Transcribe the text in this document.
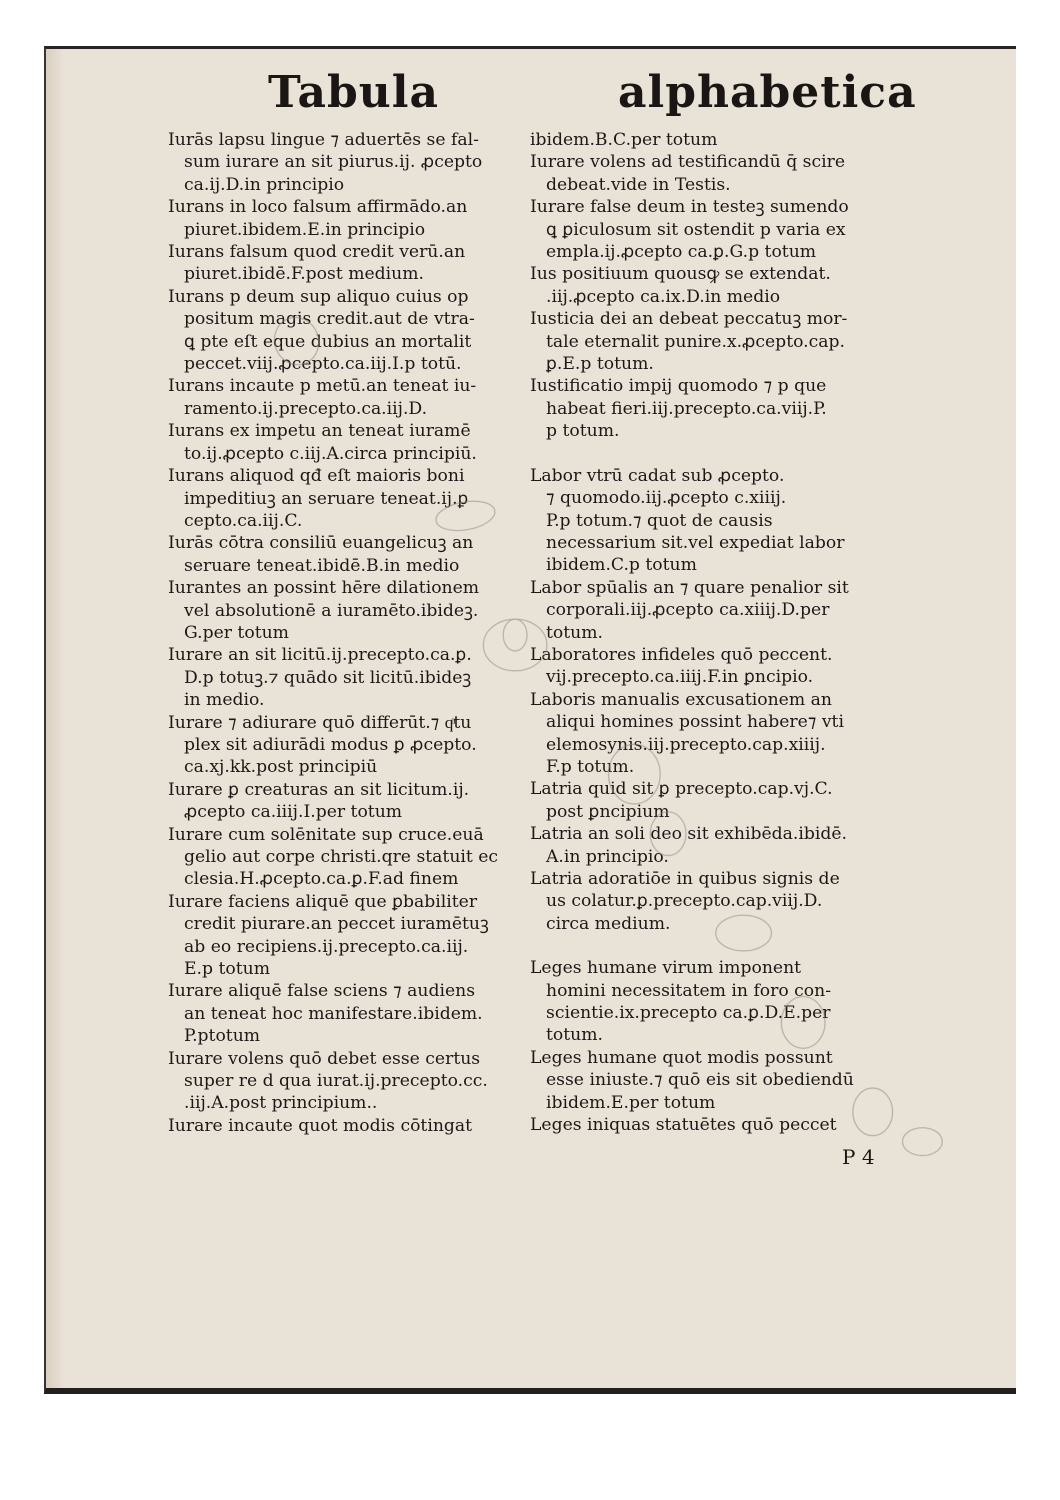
Tabula	alphabetica
Iurās lapsu lingue ⁊ aduertēs se fal-
sum iurare an sit piurus.ij. ꝓcepto
ca.ij.D.in principio
Iurans in loco falsum affirmādo.an
piuret.ibidem.E.in principio
Iurans falsum quod credit verū.an
piuret.ibidē.F.post medium.
Iurans p deum sup aliquo cuius op
positum magis credit.aut de vtra-
ꝗ pte eſt eque dubius an mortalit
peccet.viij.ꝓcepto.ca.iij.I.p totū.
Iurans incaute p metū.an teneat iu-
ramento.ij.precepto.ca.iij.D.
Iurans ex impetu an teneat iuramē
to.ij.ꝓcepto c.iij.A.circa principiū.
Iurans aliquod qđ eſt maioris boni
impeditiuꝫ an seruare teneat.ij.ꝑ
cepto.ca.iij.C.
Iurās cōtra consiliū euangelicuꝫ an
seruare teneat.ibidē.B.in medio
Iurantes an possint hēre dilationem
vel absolutionē a iuramēto.ibideꝫ.
G.per totum
Iurare an sit licitū.ij.precepto.ca.ꝑ.
D.p totuꝫ.⁊ quādo sit licitū.ibideꝫ
in medio.
Iurare ⁊ adiurare quō differūt.⁊ qͣtu
plex sit adiurādi modus ꝑ ꝓcepto.
ca.xj.kk.post principiū
Iurare ꝑ creaturas an sit licitum.ij.
ꝓcepto ca.iiij.I.per totum
Iurare cum solēnitate sup cruce.euā
gelio aut corpe christi.qre statuit ec
clesia.H.ꝓcepto.ca.ꝑ.F.ad finem
Iurare faciens aliquē que ꝑbabiliter
credit piurare.an peccet iuramētuꝫ
ab eo recipiens.ij.precepto.ca.iij.
E.p totum
Iurare aliquē false sciens ⁊ audiens
an teneat hoc manifestare.ibidem.
P.ptotum
Iurare volens quō debet esse certus
super re d qua iurat.ij.precepto.cc.
.iij.A.post principium..
Iurare incaute quot modis cōtingat
ibidem.B.C.per totum
Iurare volens ad testificandū q̄ scire
debeat.vide in Testis.
Iurare false deum in testeꝫ sumendo
ꝗ ꝑiculosum sit ostendit p varia ex
empla.ij.ꝓcepto ca.ꝑ.G.p totum
Ius positiuum quousꝙ se extendat.
.iij.ꝓcepto ca.ix.D.in medio
Iusticia dei an debeat peccatuꝫ mor-
tale eternalit punire.x.ꝓcepto.cap.
ꝑ.E.p totum.
Iustificatio impij quomodo ⁊ p que
habeat fieri.iij.precepto.ca.viij.P.
p totum.
Labor vtrū cadat sub ꝓcepto.
⁊ quomodo.iij.ꝓcepto c.xiiij.
P.p totum.⁊ quot de causis
necessarium sit.vel expediat labor
ibidem.C.p totum
Labor spūalis an ⁊ quare penalior sit
corporali.iij.ꝓcepto ca.xiiij.D.per
totum.
Laboratores infideles quō peccent.
vij.precepto.ca.iiij.F.in ꝑncipio.
Laboris manualis excusationem an
aliqui homines possint habere⁊ vti
elemosynis.iij.precepto.cap.xiiij.
F.p totum.
Latria quid sit ꝑ precepto.cap.vj.C.
post ꝑncipium
Latria an soli deo sit exhibēda.ibidē.
A.in principio.
Latria adoratiōe in quibus signis de
us colatur.ꝑ.precepto.cap.viij.D.
circa medium.
Leges humane virum imponent
homini necessitatem in foro con-
scientie.ix.precepto ca.ꝑ.D.E.per
totum.
Leges humane quot modis possunt
esse iniuste.⁊ quō eis sit obediendū
ibidem.E.per totum
Leges iniquas statuētes quō peccet
P 4
